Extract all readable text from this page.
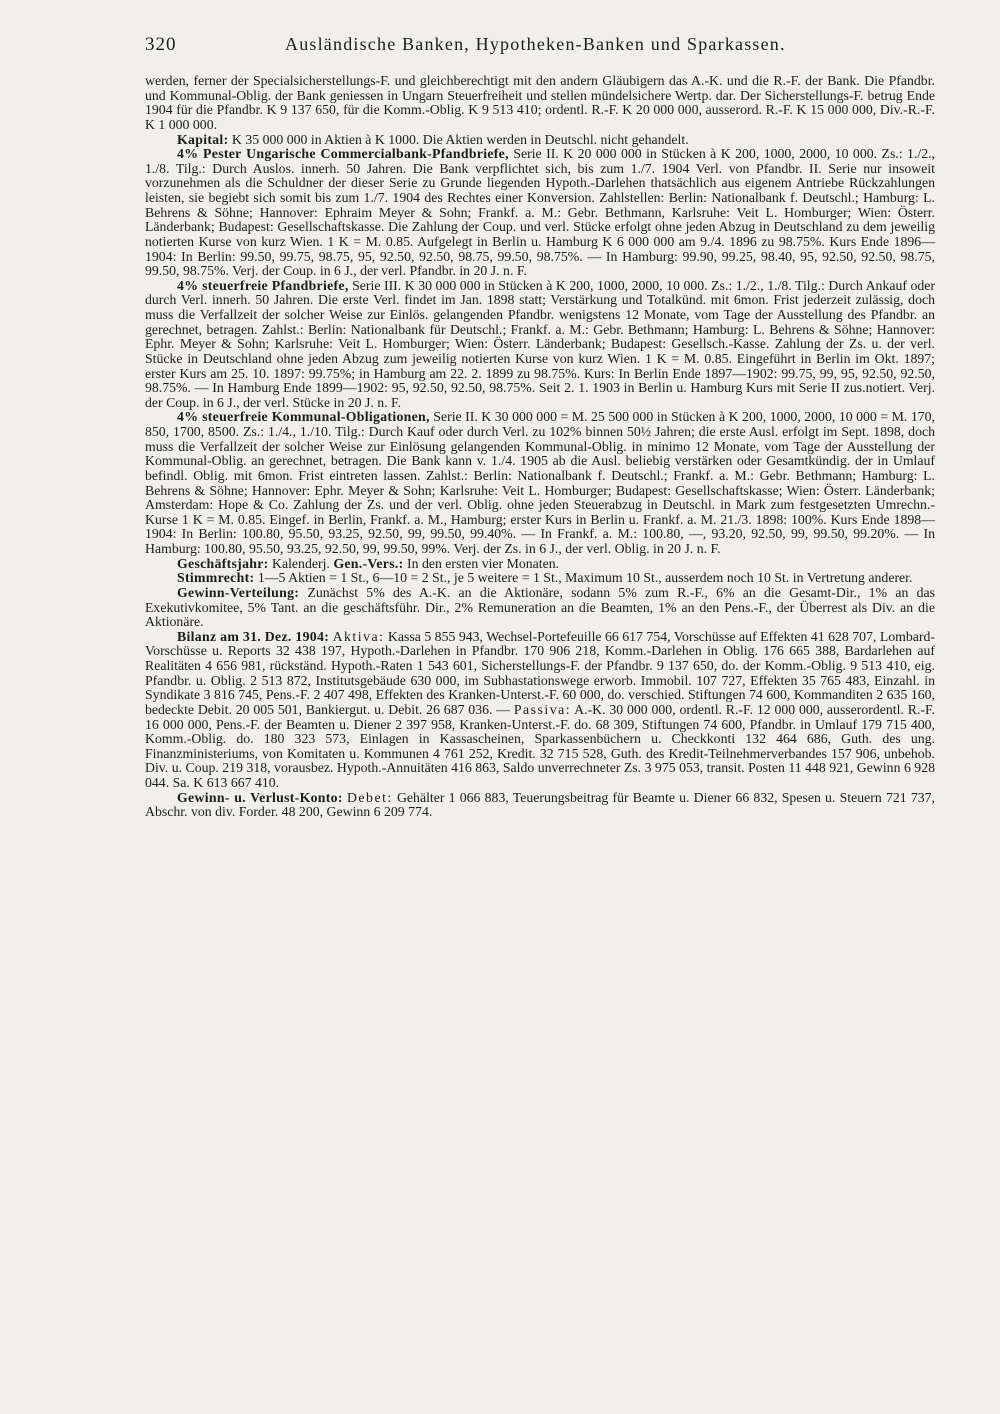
320	Ausländische Banken, Hypotheken-Banken und Sparkassen.

werden, ferner der Specialsicherstellungs-F. und gleichberechtigt mit den andern Gläubigern das A.-K. und die R.-F. der Bank. Die Pfandbr. und Kommunal-Oblig. der Bank geniessen in Ungarn Steuerfreiheit und stellen mündelsichere Wertp. dar. Der Sicherstellungs-F. betrug Ende 1904 für die Pfandbr. K 9 137 650, für die Komm.-Oblig. K 9 513 410; ordentl. R.-F. K 20 000 000, ausserord. R.-F. K 15 000 000, Div.-R.-F. K 1 000 000.

Kapital: K 35 000 000 in Aktien à K 1000. Die Aktien werden in Deutschl. nicht gehandelt.

4% Pester Ungarische Commercialbank-Pfandbriefe, Serie II. K 20 000 000 in Stücken à K 200, 1000, 2000, 10 000. Zs.: 1./2., 1./8. Tilg.: Durch Auslos. innerh. 50 Jahren. Die Bank verpflichtet sich, bis zum 1./7. 1904 Verl. von Pfandbr. II. Serie nur insoweit vorzunehmen als die Schuldner der dieser Serie zu Grunde liegenden Hypoth.-Darlehen thatsächlich aus eigenem Antriebe Rückzahlungen leisten, sie begiebt sich somit bis zum 1./7. 1904 des Rechtes einer Konversion. Zahlstellen: Berlin: Nationalbank f. Deutschl.; Hamburg: L. Behrens & Söhne; Hannover: Ephraim Meyer & Sohn; Frankf. a. M.: Gebr. Bethmann, Karlsruhe: Veit L. Homburger; Wien: Österr. Länderbank; Budapest: Gesellschaftskasse. Die Zahlung der Coup. und verl. Stücke erfolgt ohne jeden Abzug in Deutschland zu dem jeweilig notierten Kurse von kurz Wien. 1 K = M. 0.85. Aufgelegt in Berlin u. Hamburg K 6 000 000 am 9./4. 1896 zu 98.75%. Kurs Ende 1896—1904: In Berlin: 99.50, 99.75, 98.75, 95, 92.50, 92.50, 98.75, 99.50, 98.75%. — In Hamburg: 99.90, 99.25, 98.40, 95, 92.50, 92.50, 98.75, 99.50, 98.75%. Verj. der Coup. in 6 J., der verl. Pfandbr. in 20 J. n. F.

4% steuerfreie Pfandbriefe, Serie III. K 30 000 000 in Stücken à K 200, 1000, 2000, 10 000. Zs.: 1./2., 1./8. Tilg.: Durch Ankauf oder durch Verl. innerh. 50 Jahren. Die erste Verl. findet im Jan. 1898 statt; Verstärkung und Totalkünd. mit 6mon. Frist jederzeit zulässig, doch muss die Verfallzeit der solcher Weise zur Einlös. gelangenden Pfandbr. wenigstens 12 Monate, vom Tage der Ausstellung des Pfandbr. an gerechnet, betragen. Zahlst.: Berlin: Nationalbank für Deutschl.; Frankf. a. M.: Gebr. Bethmann; Hamburg: L. Behrens & Söhne; Hannover: Ephr. Meyer & Sohn; Karlsruhe: Veit L. Homburger; Wien: Österr. Länderbank; Budapest: Gesellsch.-Kasse. Zahlung der Zs. u. der verl. Stücke in Deutschland ohne jeden Abzug zum jeweilig notierten Kurse von kurz Wien. 1 K = M. 0.85. Eingeführt in Berlin im Okt. 1897; erster Kurs am 25. 10. 1897: 99.75%; in Hamburg am 22. 2. 1899 zu 98.75%. Kurs: In Berlin Ende 1897—1902: 99.75, 99, 95, 92.50, 92.50, 98.75%. — In Hamburg Ende 1899—1902: 95, 92.50, 92.50, 98.75%. Seit 2. 1. 1903 in Berlin u. Hamburg Kurs mit Serie II zus.notiert. Verj. der Coup. in 6 J., der verl. Stücke in 20 J. n. F.

4% steuerfreie Kommunal-Obligationen, Serie II. K 30 000 000 = M. 25 500 000 in Stücken à K 200, 1000, 2000, 10 000 = M. 170, 850, 1700, 8500. Zs.: 1./4., 1./10. Tilg.: Durch Kauf oder durch Verl. zu 102% binnen 50½ Jahren; die erste Ausl. erfolgt im Sept. 1898, doch muss die Verfallzeit der solcher Weise zur Einlösung gelangenden Kommunal-Oblig. in minimo 12 Monate, vom Tage der Ausstellung der Kommunal-Oblig. an gerechnet, betragen. Die Bank kann v. 1./4. 1905 ab die Ausl. beliebig verstärken oder Gesamtkündig. der in Umlauf befindl. Oblig. mit 6mon. Frist eintreten lassen. Zahlst.: Berlin: Nationalbank f. Deutschl.; Frankf. a. M.: Gebr. Bethmann; Hamburg: L. Behrens & Söhne; Hannover: Ephr. Meyer & Sohn; Karlsruhe: Veit L. Homburger; Budapest: Gesellschaftskasse; Wien: Österr. Länderbank; Amsterdam: Hope & Co. Zahlung der Zs. und der verl. Oblig. ohne jeden Steuerabzug in Deutschl. in Mark zum festgesetzten Umrechn.-Kurse 1 K = M. 0.85. Eingef. in Berlin, Frankf. a. M., Hamburg; erster Kurs in Berlin u. Frankf. a. M. 21./3. 1898: 100%. Kurs Ende 1898—1904: In Berlin: 100.80, 95.50, 93.25, 92.50, 99, 99.50, 99.40%. — In Frankf. a. M.: 100.80, —, 93.20, 92.50, 99, 99.50, 99.20%. — In Hamburg: 100.80, 95.50, 93.25, 92.50, 99, 99.50, 99%. Verj. der Zs. in 6 J., der verl. Oblig. in 20 J. n. F.

Geschäftsjahr: Kalenderj. Gen.-Vers.: In den ersten vier Monaten.

Stimmrecht: 1—5 Aktien = 1 St., 6—10 = 2 St., je 5 weitere = 1 St., Maximum 10 St., ausserdem noch 10 St. in Vertretung anderer.

Gewinn-Verteilung: Zunächst 5% des A.-K. an die Aktionäre, sodann 5% zum R.-F., 6% an die Gesamt-Dir., 1% an das Exekutivkomitee, 5% Tant. an die geschäftsführ. Dir., 2% Remuneration an die Beamten, 1% an den Pens.-F., der Überrest als Div. an die Aktionäre.

Bilanz am 31. Dez. 1904: Aktiva: Kassa 5 855 943, Wechsel-Portefeuille 66 617 754, Vorschüsse auf Effekten 41 628 707, Lombard-Vorschüsse u. Reports 32 438 197, Hypoth.-Darlehen in Pfandbr. 170 906 218, Komm.-Darlehen in Oblig. 176 665 388, Bardarlehen auf Realitäten 4 656 981, rückständ. Hypoth.-Raten 1 543 601, Sicherstellungs-F. der Pfandbr. 9 137 650, do. der Komm.-Oblig. 9 513 410, eig. Pfandbr. u. Oblig. 2 513 872, Institutsgebäude 630 000, im Subhastationswege erworb. Immobil. 107 727, Effekten 35 765 483, Einzahl. in Syndikate 3 816 745, Pens.-F. 2 407 498, Effekten des Kranken-Unterst.-F. 60 000, do. verschied. Stiftungen 74 600, Kommanditen 2 635 160, bedeckte Debit. 20 005 501, Bankiergut. u. Debit. 26 687 036. — Passiva: A.-K. 30 000 000, ordentl. R.-F. 12 000 000, ausserordentl. R.-F. 16 000 000, Pens.-F. der Beamten u. Diener 2 397 958, Kranken-Unterst.-F. do. 68 309, Stiftungen 74 600, Pfandbr. in Umlauf 179 715 400, Komm.-Oblig. do. 180 323 573, Einlagen in Kassascheinen, Sparkassenbüchern u. Checkkonti 132 464 686, Guth. des ung. Finanzministeriums, von Komitaten u. Kommunen 4 761 252, Kredit. 32 715 528, Guth. des Kredit-Teilnehmerverbandes 157 906, unbehob. Div. u. Coup. 219 318, vorausbez. Hypoth.-Annuitäten 416 863, Saldo unverrechneter Zs. 3 975 053, transit. Posten 11 448 921, Gewinn 6 928 044. Sa. K 613 667 410.

Gewinn- u. Verlust-Konto: Debet: Gehälter 1 066 883, Teuerungsbeitrag für Beamte u. Diener 66 832, Spesen u. Steuern 721 737, Abschr. von div. Forder. 48 200, Gewinn 6 209 774.
